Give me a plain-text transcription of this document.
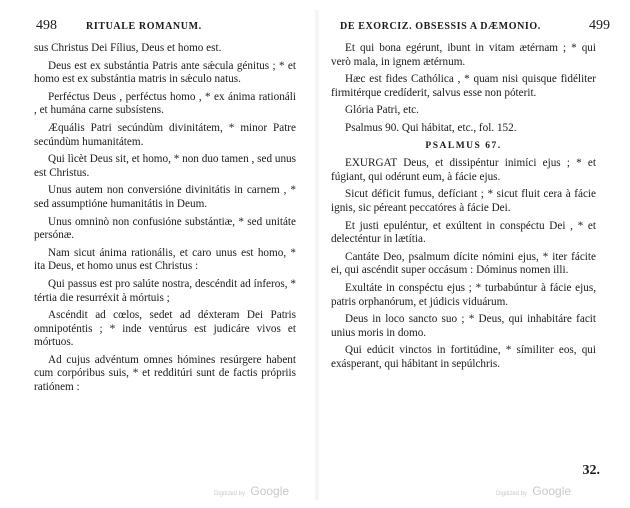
498	RITUALE ROMANUM.

sus Christus Dei Fílius, Deus et homo est.

Deus est ex substántia Patris ante sǽcula génitus ; * et homo est ex substántia matris in sǽculo natus.

Perféctus Deus , perféctus homo , * ex ánima rationáli , et humána carne subsístens.

Æquális Patri secúndùm divinitátem, * minor Patre secúndùm humanitátem.

Qui lìcèt Deus sit, et homo, * non duo tamen , sed unus est Christus.

Unus autem non conversióne divinitátis in carnem , * sed assumptióne humanitátis in Deum.

Unus omninò non confusióne substántiæ, * sed unitáte persónæ.

Nam sicut ánima rationális, et caro unus est homo, * ita Deus, et homo unus est Christus :

Qui passus est pro salúte nostra, descéndit ad ínferos, * tértia die resurréxit à mórtuis ;

Ascéndit ad cœlos, sedet ad déxteram Dei Patris omnipoténtis ; * inde ventúrus est judicáre vivos et mórtuos.

Ad cujus advéntum omnes hómines resúrgere habent cum corpóribus suis, * et redditúri sunt de factis própriis ratiónem :

Digitized by Google
DE EXORCIZ. OBSESSIS A DÆMONIO.	499

Et qui bona egérunt, ibunt in vitam ætérnam ; * qui verò mala, in ignem ætérnum.

Hæc est fides Cathólica , * quam nisi quisque fidéliter firmitérque credíderit, salvus esse non póterit.

Glória Patri, etc.

Psalmus 90. Qui hábitat, etc., fol. 152.

PSALMUS 67.

EXURGAT Deus, et dissipéntur inimíci ejus ; * et fúgiant, qui odérunt eum, à fácie ejus.

Sicut déficit fumus, defíciant ; * sicut fluit cera à fácie ignis, sic péreant peccatóres à fácie Dei.

Et justi epuléntur, et exúltent in conspéctu Dei , * et delecténtur in lætítia.

Cantáte Deo, psalmum dícite nómini ejus, * iter fácite ei, qui ascéndit super occásum : Dóminus nomen illi.

Exultáte in conspéctu ejus ; * turbabúntur à fácie ejus, patris orphanórum, et júdicis viduárum.

Deus in loco sancto suo ; * Deus, qui inhabitáre facit unius moris in domo.

Qui edúcit vinctos in fortitúdine, * símiliter eos, qui exásperant, qui hábitant in sepúlchris.

32.
Digitized by Google
